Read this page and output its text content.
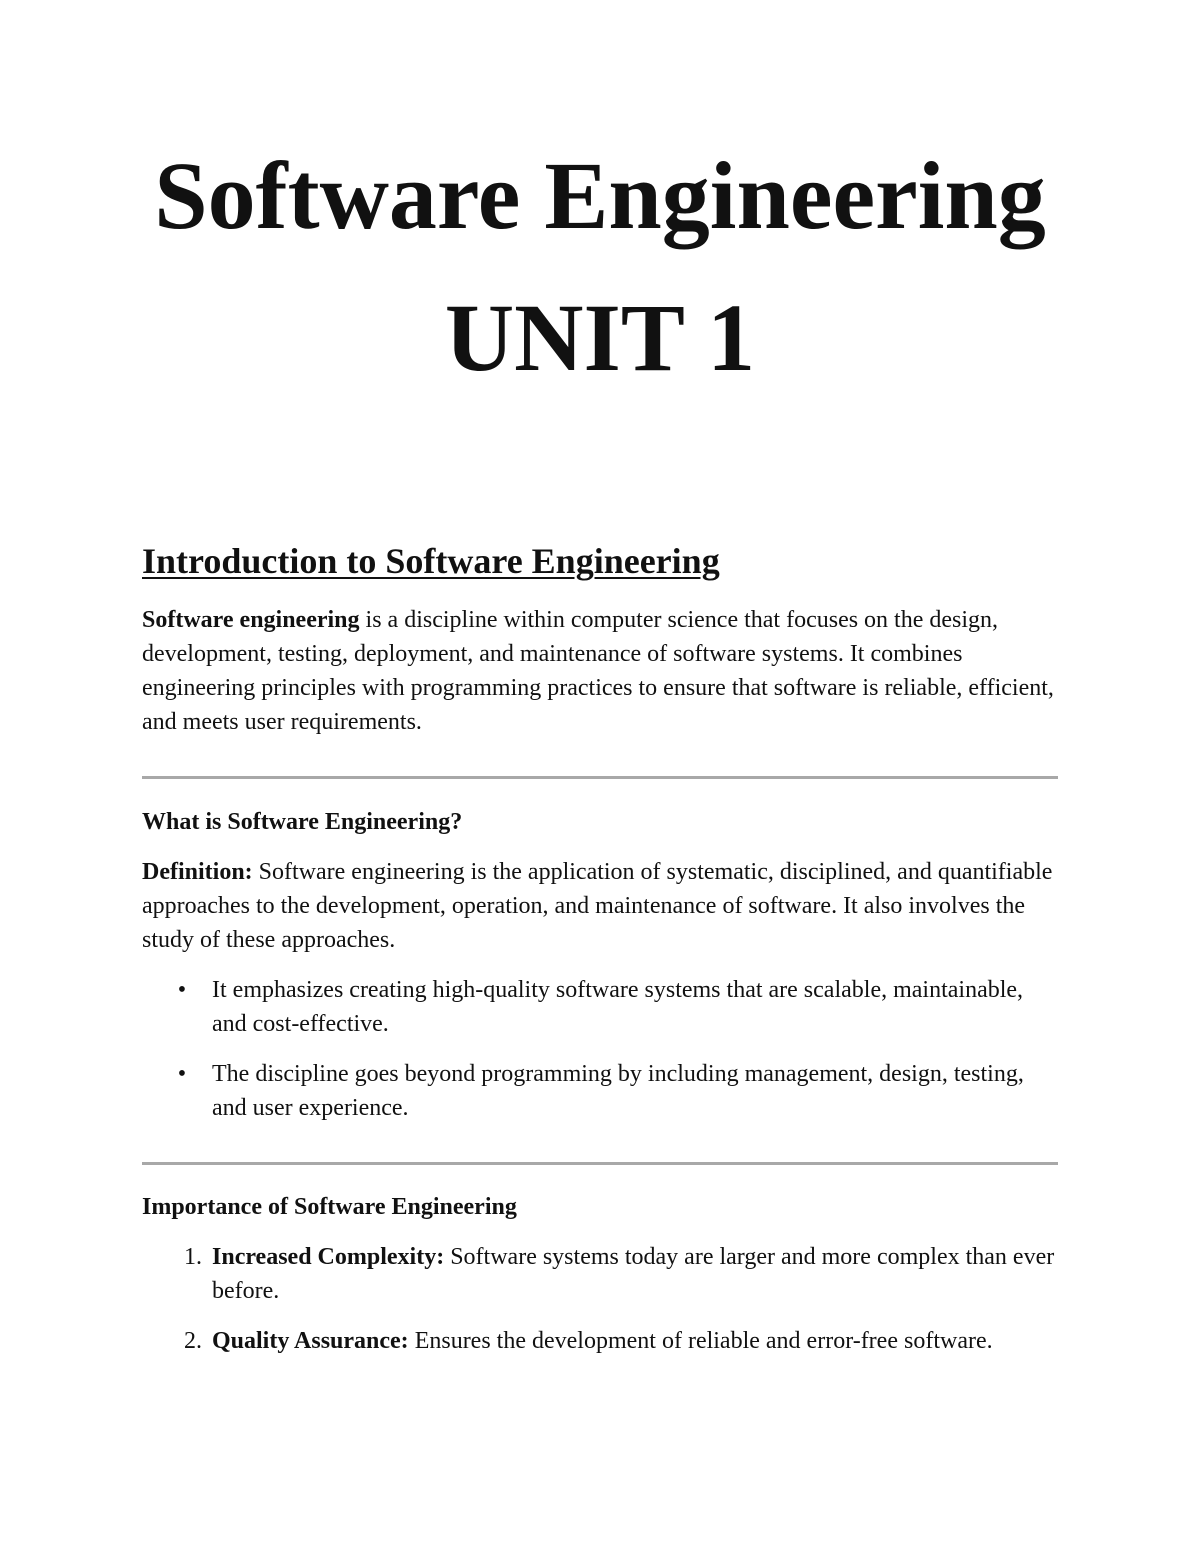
Software Engineering
UNIT 1
Introduction to Software Engineering

Software engineering is a discipline within computer science that focuses on the design, development, testing, deployment, and maintenance of software systems. It combines engineering principles with programming practices to ensure that software is reliable, efficient, and meets user requirements.

What is Software Engineering?

Definition: Software engineering is the application of systematic, disciplined, and quantifiable approaches to the development, operation, and maintenance of software. It also involves the study of these approaches.

• It emphasizes creating high-quality software systems that are scalable, maintainable, and cost-effective.
• The discipline goes beyond programming by including management, design, testing, and user experience.
Importance of Software Engineering
1. Increased Complexity: Software systems today are larger and more complex than ever before.
2. Quality Assurance: Ensures the development of reliable and error-free software.
